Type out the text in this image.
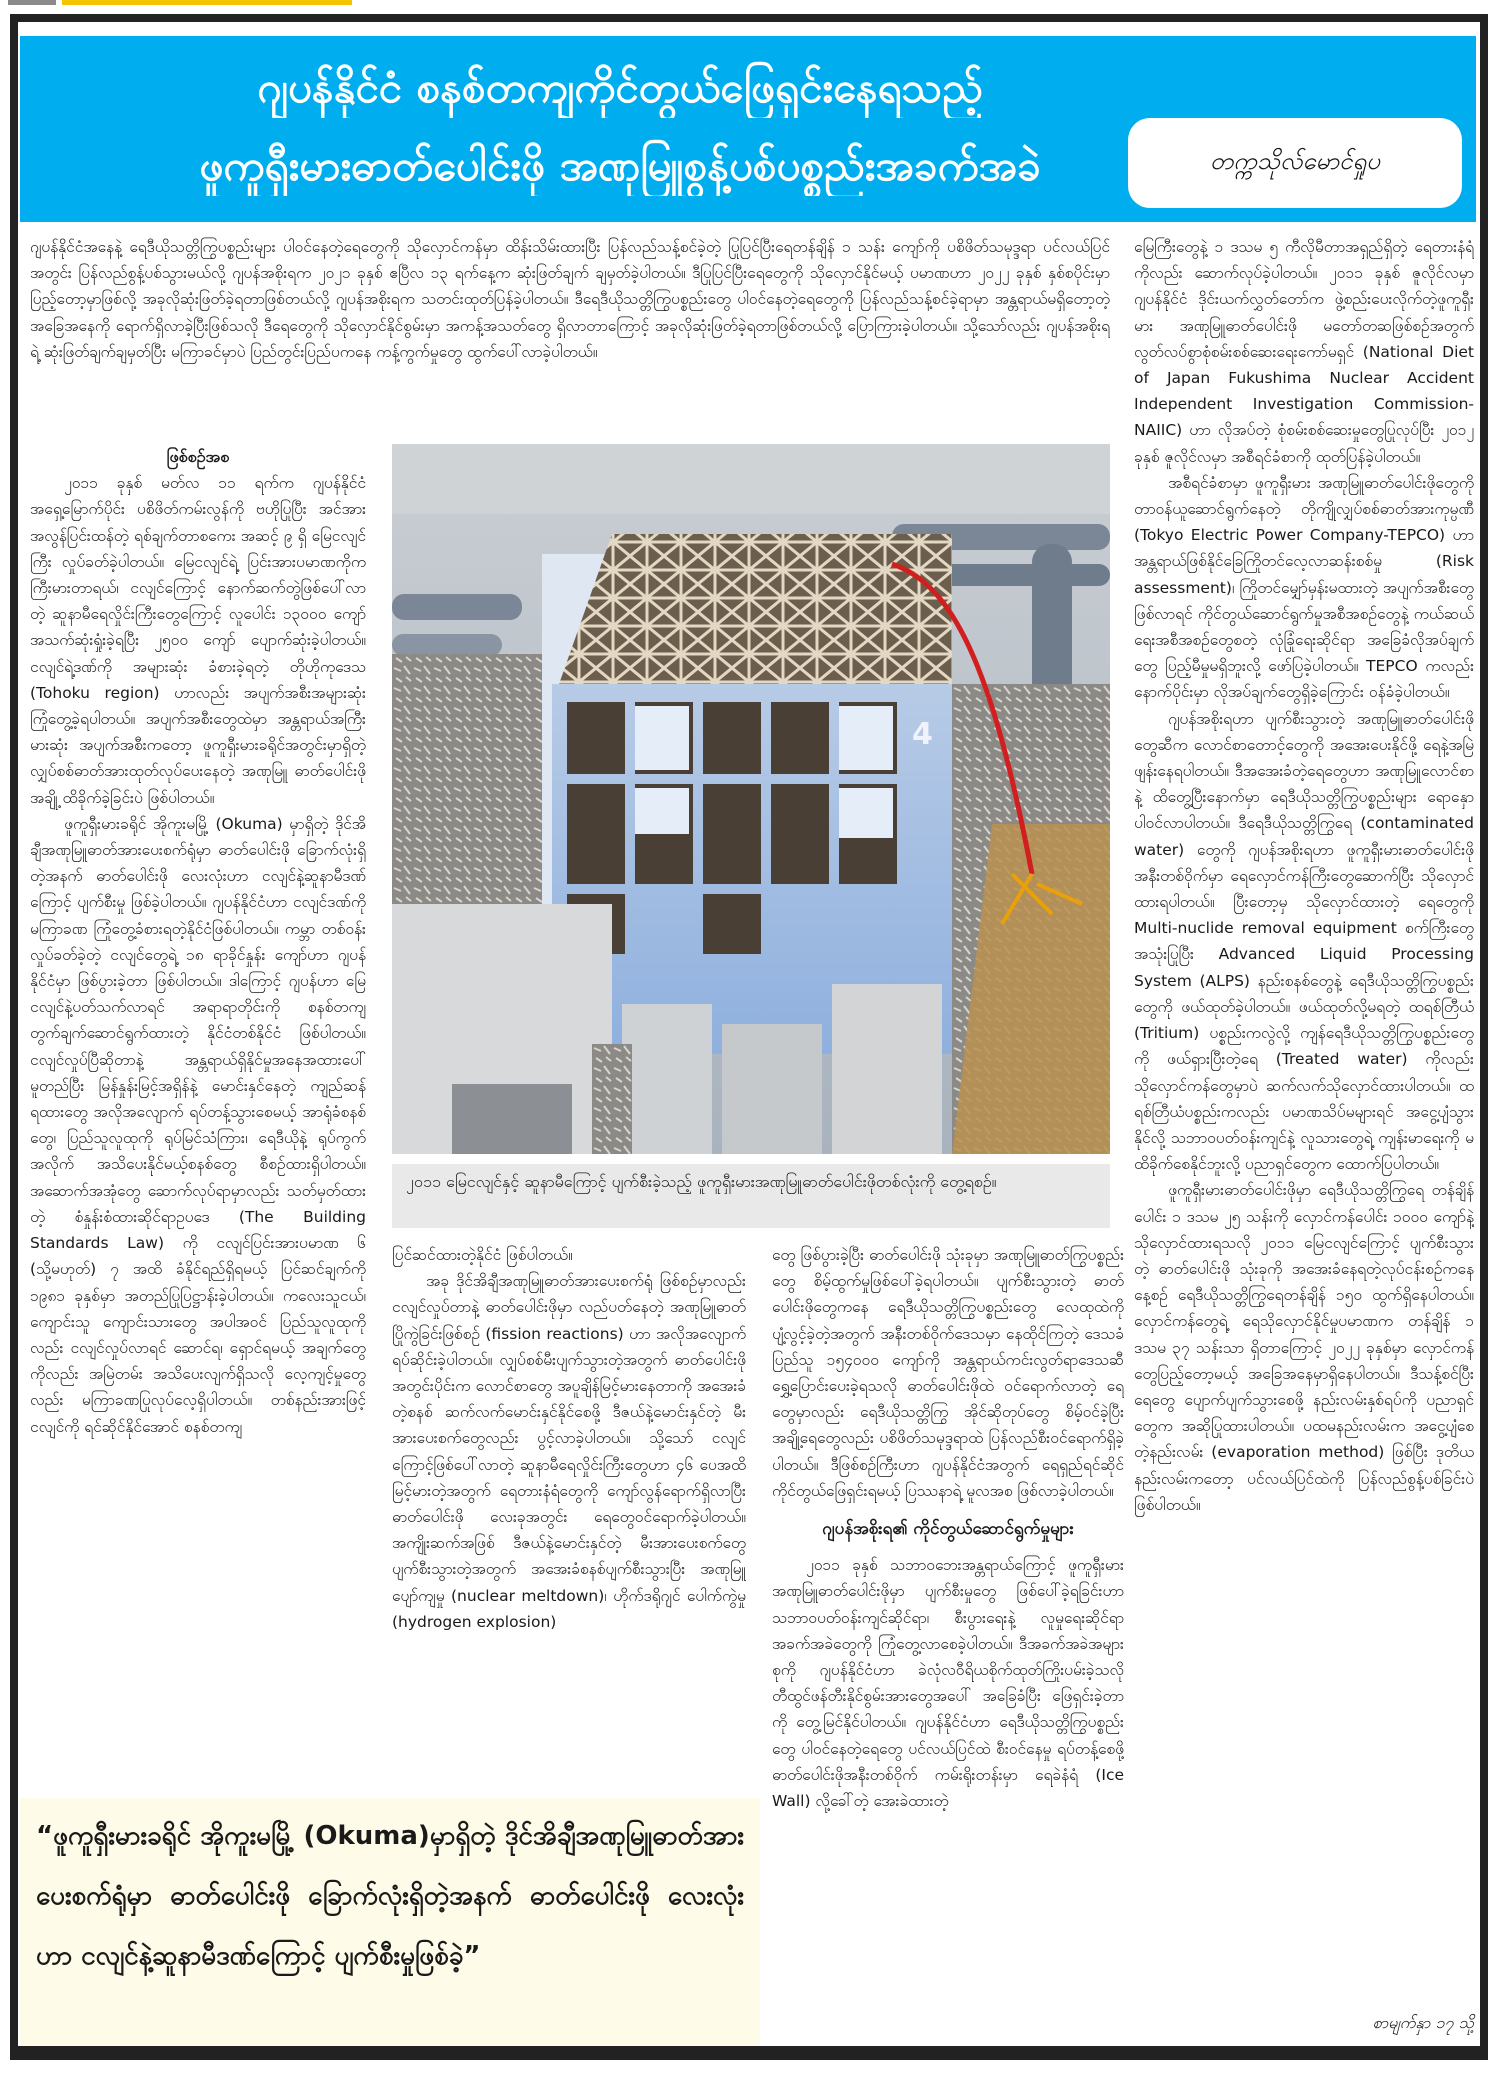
ဂျပန်နိုင်ငံ စနစ်တကျကိုင်တွယ်ဖြေရှင်းနေရသည့်
ဖူကူရှီးမားဓာတ်ပေါင်းဖို အဏုမြူစွန့်ပစ်ပစ္စည်းအခက်အခဲ	တက္ကသိုလ်မောင်ရှုပ

ဂျပန်နိုင်ငံအနေနဲ့ ရေဒီယိုသတ္တိကြွပစ္စည်းများ ပါဝင်နေတဲ့ရေတွေကို သိုလှောင်ကန်မှာ ထိန်းသိမ်းထားပြီး ပြန်လည်သန့်စင်ခဲ့တဲ့ ပြုပြင်ပြီးရေတန်ချိန် ၁ သန်း ကျော်ကို ပစိဖိတ်သမုဒ္ဒရာ ပင်လယ်ပြင်အတွင်း ပြန်လည်စွန့်ပစ်သွားမယ်လို့ ဂျပန်အစိုးရက ၂၀၂၁ ခုနှစ် ဧပြီလ ၁၃ ရက်နေ့က ဆုံးဖြတ်ချက် ချမှတ်ခဲ့ပါတယ်။ ဒီပြုပြင်ပြီးရေတွေကို သိုလှောင်နိုင်မယ့် ပမာဏဟာ ၂၀၂၂ ခုနှစ် နှစ်စပိုင်းမှာ ပြည့်တော့မှာဖြစ်လို့ အခုလိုဆုံးဖြတ်ခဲ့ရတာဖြစ်တယ်လို့ ဂျပန်အစိုးရက သတင်းထုတ်ပြန်ခဲ့ပါတယ်။ ဒီရေဒီယိုသတ္တိကြွပစ္စည်းတွေ ပါဝင်နေတဲ့ရေတွေကို ပြန်လည်သန့်စင်ခဲ့ရာမှာ အန္တရာယ်မရှိတော့တဲ့ အခြေအနေကို ရောက်ရှိလာခဲ့ပြီးဖြစ်သလို ဒီရေတွေကို သိုလှောင်နိုင်စွမ်းမှာ အကန့်အသတ်တွေ ရှိလာတာကြောင့် အခုလိုဆုံးဖြတ်ခဲ့ရတာဖြစ်တယ်လို့ ပြောကြားခဲ့ပါတယ်။ သို့သော်လည်း ဂျပန်အစိုးရရဲ့ ဆုံးဖြတ်ချက်ချမှတ်ပြီး မကြာခင်မှာပဲ ပြည်တွင်းပြည်ပကနေ ကန့်ကွက်မှုတွေ ထွက်ပေါ်လာခဲ့ပါတယ်။

ဖြစ်စဉ်အစ

၂၀၁၁ ခုနှစ် မတ်လ ၁၁ ရက်က ဂျပန်နိုင်ငံ အရှေ့မြောက်ပိုင်း ပစိဖိတ်ကမ်းလွန်ကို ဗဟိုပြုပြီး အင်အားအလွန်ပြင်းထန်တဲ့ ရစ်ချက်တာစကေး အဆင့် ၉ ရှိ မြေငလျင်ကြီး လှုပ်ခတ်ခဲ့ပါတယ်။ မြေငလျင်ရဲ့ ပြင်းအားပမာဏကိုက ကြီးမားတာရယ်၊ ငလျင်ကြောင့် နောက်ဆက်တွဲဖြစ်ပေါ်လာတဲ့ ဆူနာမီရေလှိုင်းကြီးတွေကြောင့် လူပေါင်း ၁၃၀၀၀ ကျော် အသက်ဆုံးရှုံးခဲ့ရပြီး ၂၅၀၀ ကျော် ပျောက်ဆုံးခဲ့ပါတယ်။ ငလျင်ရဲ့ဒဏ်ကို အများဆုံး ခံစားခဲ့ရတဲ့ တိုဟိုကုဒေသ (Tohoku region) ဟာလည်း အပျက်အစီးအများဆုံး ကြုံတွေ့ခဲ့ရပါတယ်။ အပျက်အစီးတွေထဲမှာ အန္တရာယ်အကြီးမားဆုံး အပျက်အစီးကတော့ ဖူကူရှီးမားခရိုင်အတွင်းမှာရှိတဲ့ လျှပ်စစ်ဓာတ်အားထုတ်လုပ်ပေးနေတဲ့ အဏုမြူ ဓာတ်ပေါင်းဖိုအချို့ ထိခိုက်ခဲ့ခြင်းပဲ ဖြစ်ပါတယ်။

ဖူကူရှီးမားခရိုင် အိုကူးမမြို့ (Okuma) မှာရှိတဲ့ ဒိုင်အိချီအဏုမြူဓာတ်အားပေးစက်ရုံမှာ ဓာတ်ပေါင်းဖို ခြောက်လုံးရှိတဲ့အနက် ဓာတ်ပေါင်းဖို လေးလုံးဟာ ငလျင်နဲ့ဆူနာမီဒဏ်ကြောင့် ပျက်စီးမှု ဖြစ်ခဲ့ပါတယ်။ ဂျပန်နိုင်ငံဟာ ငလျင်ဒဏ်ကို မကြာခဏ ကြုံတွေ့ခံစားရတဲ့နိုင်ငံဖြစ်ပါတယ်။ ကမ္ဘာ တစ်ဝန်း လှုပ်ခတ်ခဲ့တဲ့ ငလျင်တွေရဲ့ ၁၈ ရာခိုင်နှုန်း ကျော်ဟာ ဂျပန်နိုင်ငံမှာ ဖြစ်ပွားခဲ့တာ ဖြစ်ပါတယ်။ ဒါကြောင့် ဂျပန်ဟာ မြေငလျင်နဲ့ပတ်သက်လာရင် အရာရာတိုင်းကို စနစ်တကျ တွက်ချက်ဆောင်ရွက်ထားတဲ့ နိုင်ငံတစ်နိုင်ငံ ဖြစ်ပါတယ်။ ငလျင်လှုပ်ပြီဆိုတာနဲ့ အန္တရာယ်ရှိနိုင်မှုအနေအထားပေါ်မူတည်ပြီး မြန်နှုန်းမြင့်အရှိန်နဲ့ မောင်းနှင်နေတဲ့ ကျည်ဆန်ရထားတွေ အလိုအလျောက် ရပ်တန့်သွားစေမယ့် အာရုံခံစနစ်တွေ၊ ပြည်သူလူထုကို ရုပ်မြင်သံကြား၊ ရေဒီယိုနဲ့ ရုပ်ကွက်အလိုက် အသိပေးနိုင်မယ့်စနစ်တွေ စီစဉ်ထားရှိပါတယ်။ အဆောက်အအုံတွေ ဆောက်လုပ်ရာမှာလည်း သတ်မှတ်ထားတဲ့ စံနှုန်းစံထားဆိုင်ရာဥပဒေ (The Building Standards Law) ကို ငလျင်ပြင်းအားပမာဏ ၆ (သို့မဟုတ်) ၇ အထိ ခံနိုင်ရည်ရှိရမယ့် ပြင်ဆင်ချက်ကို ၁၉၈၁ ခုနှစ်မှာ အတည်ပြုပြဋ္ဌာန်းခဲ့ပါတယ်။ ကလေးသူငယ်၊ ကျောင်းသူ ကျောင်းသားတွေ အပါအဝင် ပြည်သူလူထုကိုလည်း ငလျင်လှုပ်လာရင် ဆောင်ရ၊ ရှောင်ရမယ့် အချက်တွေကိုလည်း အမြဲတမ်း အသိပေးလျက်ရှိသလို လေ့ကျင့်မှုတွေလည်း မကြာခဏပြုလုပ်လေ့ရှိပါတယ်။ တစ်နည်းအားဖြင့် ငလျင်ကို ရင်ဆိုင်နိုင်အောင် စနစ်တကျ

4
၂၀၁၁ မြေငလျင်နှင့် ဆူနာမီကြောင့် ပျက်စီးခဲ့သည့် ဖူကူရှီးမားအဏုမြူဓာတ်ပေါင်းဖိုတစ်လုံးကို တွေ့ရစဉ်။

ပြင်ဆင်ထားတဲ့နိုင်ငံ ဖြစ်ပါတယ်။

အခု ဒိုင်အိချီအဏုမြူဓာတ်အားပေးစက်ရုံ ဖြစ်စဉ်မှာလည်း ငလျင်လှုပ်တာနဲ့ ဓာတ်ပေါင်းဖိုမှာ လည်ပတ်နေတဲ့ အဏုမြူဓာတ်ပြိုကွဲခြင်းဖြစ်စဉ် (fission reactions) ဟာ အလိုအလျောက် ရပ်ဆိုင်းခဲ့ပါတယ်။ လျှပ်စစ်မီးပျက်သွားတဲ့အတွက် ဓာတ်ပေါင်းဖိုအတွင်းပိုင်းက လောင်စာတွေ အပူချိန်မြင့်မားနေတာကို အအေးခံတဲ့စနစ် ဆက်လက်မောင်းနှင်နိုင်စေဖို့ ဒီဇယ်နဲ့မောင်းနှင်တဲ့ မီးအားပေးစက်တွေလည်း ပွင့်လာခဲ့ပါတယ်။ သို့သော် ငလျင်ကြောင့်ဖြစ်ပေါ်လာတဲ့ ဆူနာမီရေလှိုင်းကြီးတွေဟာ ၄၆ ပေအထိ မြင့်မားတဲ့အတွက် ရေတားနံရံတွေကို ကျော်လွန်ရောက်ရှိလာပြီး ဓာတ်ပေါင်းဖို လေးခုအတွင်း ရေတွေဝင်ရောက်ခဲ့ပါတယ်။ အကျိုးဆက်အဖြစ် ဒီဇယ်နဲ့မောင်းနှင်တဲ့ မီးအားပေးစက်တွေ ပျက်စီးသွားတဲ့အတွက် အအေးခံစနစ်ပျက်စီးသွားပြီး အဏုမြူပျော်ကျမှု (nuclear meltdown)၊ ဟိုက်ဒရိုဂျင် ပေါက်ကွဲမှု (hydrogen explosion)

တွေ ဖြစ်ပွားခဲ့ပြီး ဓာတ်ပေါင်းဖို သုံးခုမှာ အဏုမြူဓာတ်ကြွပစ္စည်းတွေ စိမ့်ထွက်မှုဖြစ်ပေါ်ခဲ့ရပါတယ်။ ပျက်စီးသွားတဲ့ ဓာတ်ပေါင်းဖိုတွေကနေ ရေဒီယိုသတ္တိကြွပစ္စည်းတွေ လေထုထဲကို ပျံ့လွင့်ခဲ့တဲ့အတွက် အနီးတစ်ဝိုက်ဒေသမှာ နေထိုင်ကြတဲ့ ဒေသခံပြည်သူ ၁၅၄၀၀၀ ကျော်ကို အန္တရာယ်ကင်းလွတ်ရာဒေသဆီ ရွှေ့ပြောင်းပေးခဲ့ရသလို ဓာတ်ပေါင်းဖိုထဲ ဝင်ရောက်လာတဲ့ ရေတွေမှာလည်း ရေဒီယိုသတ္တိကြွ အိုင်ဆိုတုပ်တွေ စိမ့်ဝင်ခဲ့ပြီး အချို့ရေတွေလည်း ပစိဖိတ်သမုဒ္ဒရာထဲ ပြန်လည်စီးဝင်ရောက်ရှိခဲ့ပါတယ်။ ဒီဖြစ်စဉ်ကြီးဟာ ဂျပန်နိုင်ငံအတွက် ရေရှည်ရင်ဆိုင် ကိုင်တွယ်ဖြေရှင်းရမယ့် ပြဿနာရဲ့ မူလအစ ဖြစ်လာခဲ့ပါတယ်။

ဂျပန်အစိုးရ၏ ကိုင်တွယ်ဆောင်ရွက်မှုများ

၂၀၁၁ ခုနှစ် သဘာဝဘေးအန္တရာယ်ကြောင့် ဖူကူရှီးမား အဏုမြူဓာတ်ပေါင်းဖိုမှာ ပျက်စီးမှုတွေ ဖြစ်ပေါ်ခဲ့ရခြင်းဟာ သဘာဝပတ်ဝန်းကျင်ဆိုင်ရာ၊ စီးပွားရေးနဲ့ လူမှုရေးဆိုင်ရာ အခက်အခဲတွေကို ကြုံတွေ့လာစေခဲ့ပါတယ်။ ဒီအခက်အခဲအများစုကို ဂျပန်နိုင်ငံဟာ ခဲလုံလဝီရိယစိုက်ထုတ်ကြိုးပမ်းခဲ့သလို တီထွင်ဖန်တီးနိုင်စွမ်းအားတွေအပေါ် အခြေခံပြီး ဖြေရှင်းခဲ့တာကို တွေ့မြင်နိုင်ပါတယ်။ ဂျပန်နိုင်ငံဟာ ရေဒီယိုသတ္တိကြွပစ္စည်းတွေ ပါဝင်နေတဲ့ရေတွေ ပင်လယ်ပြင်ထဲ စီးဝင်နေမှု ရပ်တန့်စေဖို့ ဓာတ်ပေါင်းဖိုအနီးတစ်ဝိုက် ကမ်းရိုးတန်းမှာ ရေခဲနံရံ (Ice Wall) လို့ခေါ်တဲ့ အေးခဲထားတဲ့

မြေကြီးတွေနဲ့ ၁ ဒသမ ၅ ကီလိုမီတာအရှည်ရှိတဲ့ ရေတားနံရံကိုလည်း ဆောက်လုပ်ခဲ့ပါတယ်။ ၂၀၁၁ ခုနှစ် ဇူလိုင်လမှာ ဂျပန်နိုင်ငံ ဒိုင်းယက်လွှတ်တော်က ဖွဲ့စည်းပေးလိုက်တဲ့ဖူကူရှီးမား အဏုမြူဓာတ်ပေါင်းဖို မတော်တဆဖြစ်စဉ်အတွက် လွတ်လပ်စွာစုံစမ်းစစ်ဆေးရေးကော်မရှင် (National Diet of Japan Fukushima Nuclear Accident Independent Investigation Commission-NAIIC) ဟာ လိုအပ်တဲ့ စုံစမ်းစစ်ဆေးမှုတွေပြုလုပ်ပြီး ၂၀၁၂ ခုနှစ် ဇူလိုင်လမှာ အစီရင်ခံစာကို ထုတ်ပြန်ခဲ့ပါတယ်။

အစီရင်ခံစာမှာ ဖူကူရှီးမား အဏုမြူဓာတ်ပေါင်းဖိုတွေကို တာဝန်ယူဆောင်ရွက်နေတဲ့ တိုကျိုလျှပ်စစ်ဓာတ်အားကုမ္ပဏီ (Tokyo Electric Power Company-TEPCO) ဟာ အန္တရာယ်ဖြစ်နိုင်ခြေကြိုတင်လေ့လာဆန်းစစ်မှု (Risk assessment)၊ ကြိုတင်မျှော်မှန်းမထားတဲ့ အပျက်အစီးတွေဖြစ်လာရင် ကိုင်တွယ်ဆောင်ရွက်မှုအစီအစဉ်တွေနဲ့ ကယ်ဆယ်ရေးအစီအစဉ်တွေစတဲ့ လုံခြုံရေးဆိုင်ရာ အခြေခံလိုအပ်ချက်တွေ ပြည့်မီမှုမရှိဘူးလို့ ဖော်ပြခဲ့ပါတယ်။ TEPCO ကလည်း နောက်ပိုင်းမှာ လိုအပ်ချက်တွေရှိခဲ့ကြောင်း ဝန်ခံခဲ့ပါတယ်။

ဂျပန်အစိုးရဟာ ပျက်စီးသွားတဲ့ အဏုမြူဓာတ်ပေါင်းဖိုတွေဆီက လောင်စာတောင့်တွေကို အအေးပေးနိုင်ဖို့ ရေနဲ့အမြဲဖျန်းနေရပါတယ်။ ဒီအအေးခံတဲ့ရေတွေဟာ အဏုမြူလောင်စာနဲ့ ထိတွေ့ပြီးနောက်မှာ ရေဒီယိုသတ္တိကြွပစ္စည်းများ ရောနှောပါဝင်လာပါတယ်။ ဒီရေဒီယိုသတ္တိကြွရေ (contaminated water) တွေကို ဂျပန်အစိုးရဟာ ဖူကူရှီးမားဓာတ်ပေါင်းဖိုအနီးတစ်ဝိုက်မှာ ရေလှောင်ကန်ကြီးတွေဆောက်ပြီး သိုလှောင်ထားရပါတယ်။ ပြီးတော့မှ သိုလှောင်ထားတဲ့ ရေတွေကို Multi-nuclide removal equipment စက်ကြီးတွေ အသုံးပြုပြီး Advanced Liquid Processing System (ALPS) နည်းစနစ်တွေနဲ့ ရေဒီယိုသတ္တိကြွပစ္စည်းတွေကို ဖယ်ထုတ်ခဲ့ပါတယ်။ ဖယ်ထုတ်လို့မရတဲ့ ထရစ်တြီယံ (Tritium) ပစ္စည်းကလွဲလို့ ကျန်ရေဒီယိုသတ္တိကြွပစ္စည်းတွေကို ဖယ်ရှားပြီးတဲ့ရေ (Treated water) ကိုလည်း သိုလှောင်ကန်တွေမှာပဲ ဆက်လက်သိုလှောင်ထားပါတယ်။ ထရစ်တြီယံပစ္စည်းကလည်း ပမာဏသိပ်မများရင် အငွေ့ပျံသွားနိုင်လို့ သဘာဝပတ်ဝန်းကျင်နဲ့ လူသားတွေရဲ့ ကျန်းမာရေးကို မထိခိုက်စေနိုင်ဘူးလို့ ပညာရှင်တွေက ထောက်ပြပါတယ်။

ဖူကူရှီးမားဓာတ်ပေါင်းဖိုမှာ ရေဒီယိုသတ္တိကြွရေ တန်ချိန်ပေါင်း ၁ ဒသမ ၂၅ သန်းကို လှောင်ကန်ပေါင်း ၁၀၀၀ ကျော်နဲ့ သိုလှောင်ထားရသလို ၂၀၁၁ မြေငလျင်ကြောင့် ပျက်စီးသွားတဲ့ ဓာတ်ပေါင်းဖို သုံးခုကို အအေးခံနေရတဲ့လုပ်ငန်းစဉ်ကနေ နေ့စဉ် ရေဒီယိုသတ္တိကြွရေတန်ချိန် ၁၅၀ ထွက်ရှိနေပါတယ်။ လှောင်ကန်တွေရဲ့ ရေသိုလှောင်နိုင်မှုပမာဏက တန်ချိန် ၁ ဒသမ ၃၇ သန်းသာ ရှိတာကြောင့် ၂၀၂၂ ခုနှစ်မှာ လှောင်ကန်တွေပြည့်တော့မယ့် အခြေအနေမှာရှိနေပါတယ်။ ဒီသန့်စင်ပြီးရေတွေ ပျောက်ပျက်သွားစေဖို့ နည်းလမ်းနှစ်ရပ်ကို ပညာရှင်တွေက အဆိုပြုထားပါတယ်။ ပထမနည်းလမ်းက အငွေ့ပျံစေတဲ့နည်းလမ်း (evaporation method) ဖြစ်ပြီး ဒုတိယနည်းလမ်းကတော့ ပင်လယ်ပြင်ထဲကို ပြန်လည်စွန့်ပစ်ခြင်းပဲ ဖြစ်ပါတယ်။

စာမျက်နှာ ၁၇ သို့
“ဖူကူရှီးမားခရိုင် အိုကူးမမြို့ (Okuma)မှာရှိတဲ့ ဒိုင်အိချီအဏုမြူဓာတ်အားပေးစက်ရုံမှာ ဓာတ်ပေါင်းဖို ခြောက်လုံးရှိတဲ့အနက် ဓာတ်ပေါင်းဖို လေးလုံးဟာ ငလျင်နဲ့ဆူနာမီဒဏ်ကြောင့် ပျက်စီးမှုဖြစ်ခဲ့”
